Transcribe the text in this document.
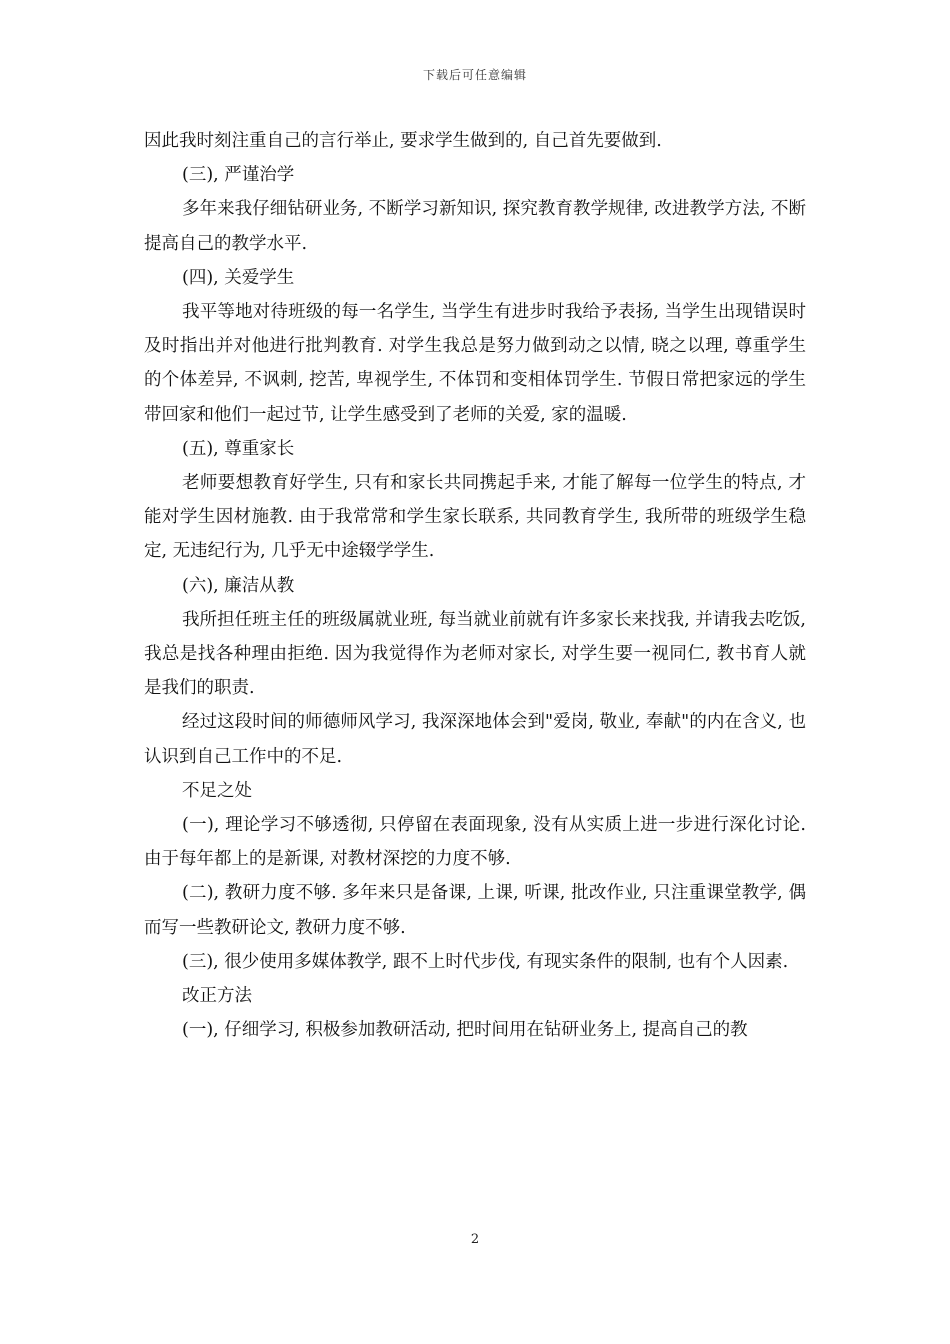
下载后可任意编辑

因此我时刻注重自己的言行举止, 要求学生做到的, 自己首先要做到.

(三), 严谨治学

多年来我仔细钻研业务, 不断学习新知识, 探究教育教学规律, 改进教学方法, 不断提高自己的教学水平.

(四), 关爱学生

我平等地对待班级的每一名学生, 当学生有进步时我给予表扬, 当学生出现错误时及时指出并对他进行批判教育. 对学生我总是努力做到动之以情, 晓之以理, 尊重学生的个体差异, 不讽刺, 挖苦, 卑视学生, 不体罚和变相体罚学生. 节假日常把家远的学生带回家和他们一起过节, 让学生感受到了老师的关爱, 家的温暖.

(五), 尊重家长

老师要想教育好学生, 只有和家长共同携起手来, 才能了解每一位学生的特点, 才能对学生因材施教. 由于我常常和学生家长联系, 共同教育学生, 我所带的班级学生稳定, 无违纪行为, 几乎无中途辍学学生.

(六), 廉洁从教

我所担任班主任的班级属就业班, 每当就业前就有许多家长来找我, 并请我去吃饭, 我总是找各种理由拒绝. 因为我觉得作为老师对家长, 对学生要一视同仁, 教书育人就是我们的职责.

经过这段时间的师德师风学习, 我深深地体会到"爱岗, 敬业, 奉献"的内在含义, 也认识到自己工作中的不足.

不足之处

(一), 理论学习不够透彻, 只停留在表面现象, 没有从实质上进一步进行深化讨论. 由于每年都上的是新课, 对教材深挖的力度不够.

(二), 教研力度不够. 多年来只是备课, 上课, 听课, 批改作业, 只注重课堂教学, 偶而写一些教研论文, 教研力度不够.

(三), 很少使用多媒体教学, 跟不上时代步伐, 有现实条件的限制, 也有个人因素.

改正方法

(一), 仔细学习, 积极参加教研活动, 把时间用在钻研业务上, 提高自己的教

2
